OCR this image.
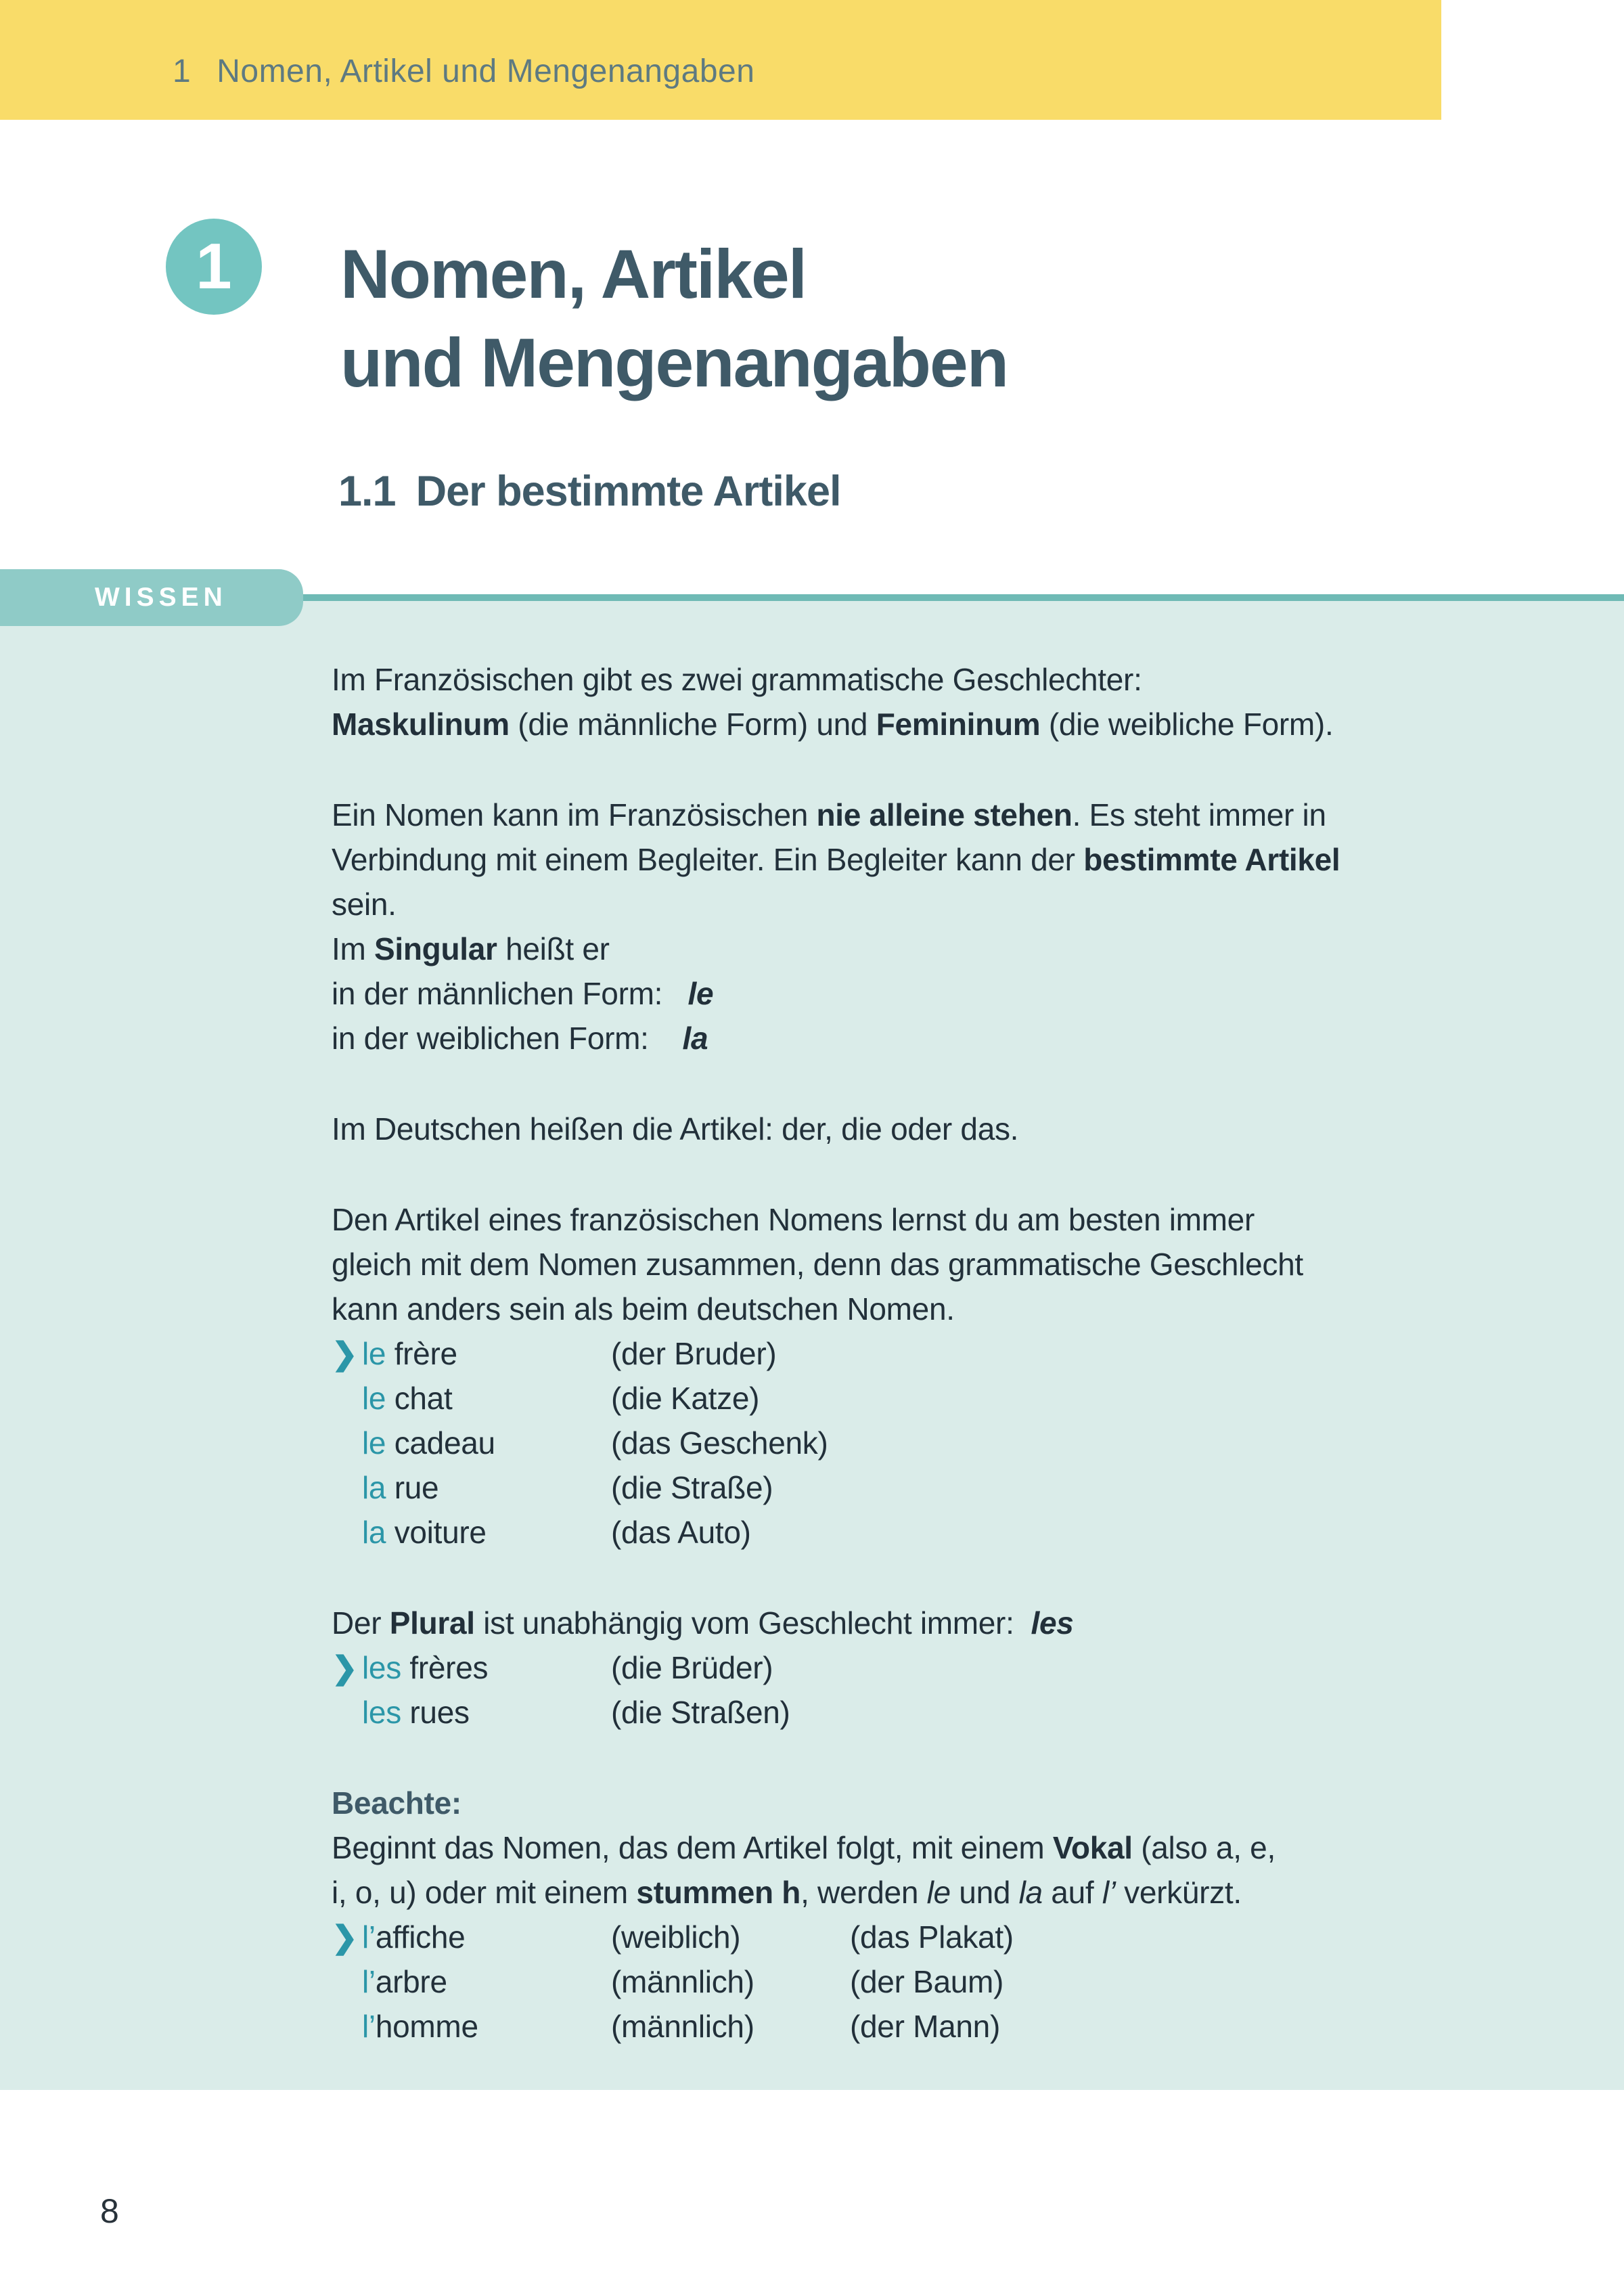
1 Nomen, Artikel und Mengenangaben
1	Nomen, Artikel
und Mengenangaben
1.1 Der bestimmte Artikel
WISSEN
Im Französischen gibt es zwei grammatische Geschlechter:
Maskulinum (die männliche Form) und Femininum (die weibliche Form).
Ein Nomen kann im Französischen nie alleine stehen. Es steht immer in
Verbindung mit einem Begleiter. Ein Begleiter kann der bestimmte Artikel
sein.
Im Singular heißt er
in der männlichen Form:   le
in der weiblichen Form:    la
Im Deutschen heißen die Artikel: der, die oder das.
Den Artikel eines französischen Nomens lernst du am besten immer
gleich mit dem Nomen zusammen, denn das grammatische Geschlecht
kann anders sein als beim deutschen Nomen.
❯ le frère	(der Bruder)
le chat	(die Katze)
le cadeau	(das Geschenk)
la rue	(die Straße)
la voiture	(das Auto)
Der Plural ist unabhängig vom Geschlecht immer:  les
❯ les frères	(die Brüder)
les rues	(die Straßen)
Beachte:
Beginnt das Nomen, das dem Artikel folgt, mit einem Vokal (also a, e,
i, o, u) oder mit einem stummen h, werden le und la auf l’ verkürzt.
❯ l’affiche	(weiblich)	(das Plakat)
l’arbre	(männlich)	(der Baum)
l’homme	(männlich)	(der Mann)
8
